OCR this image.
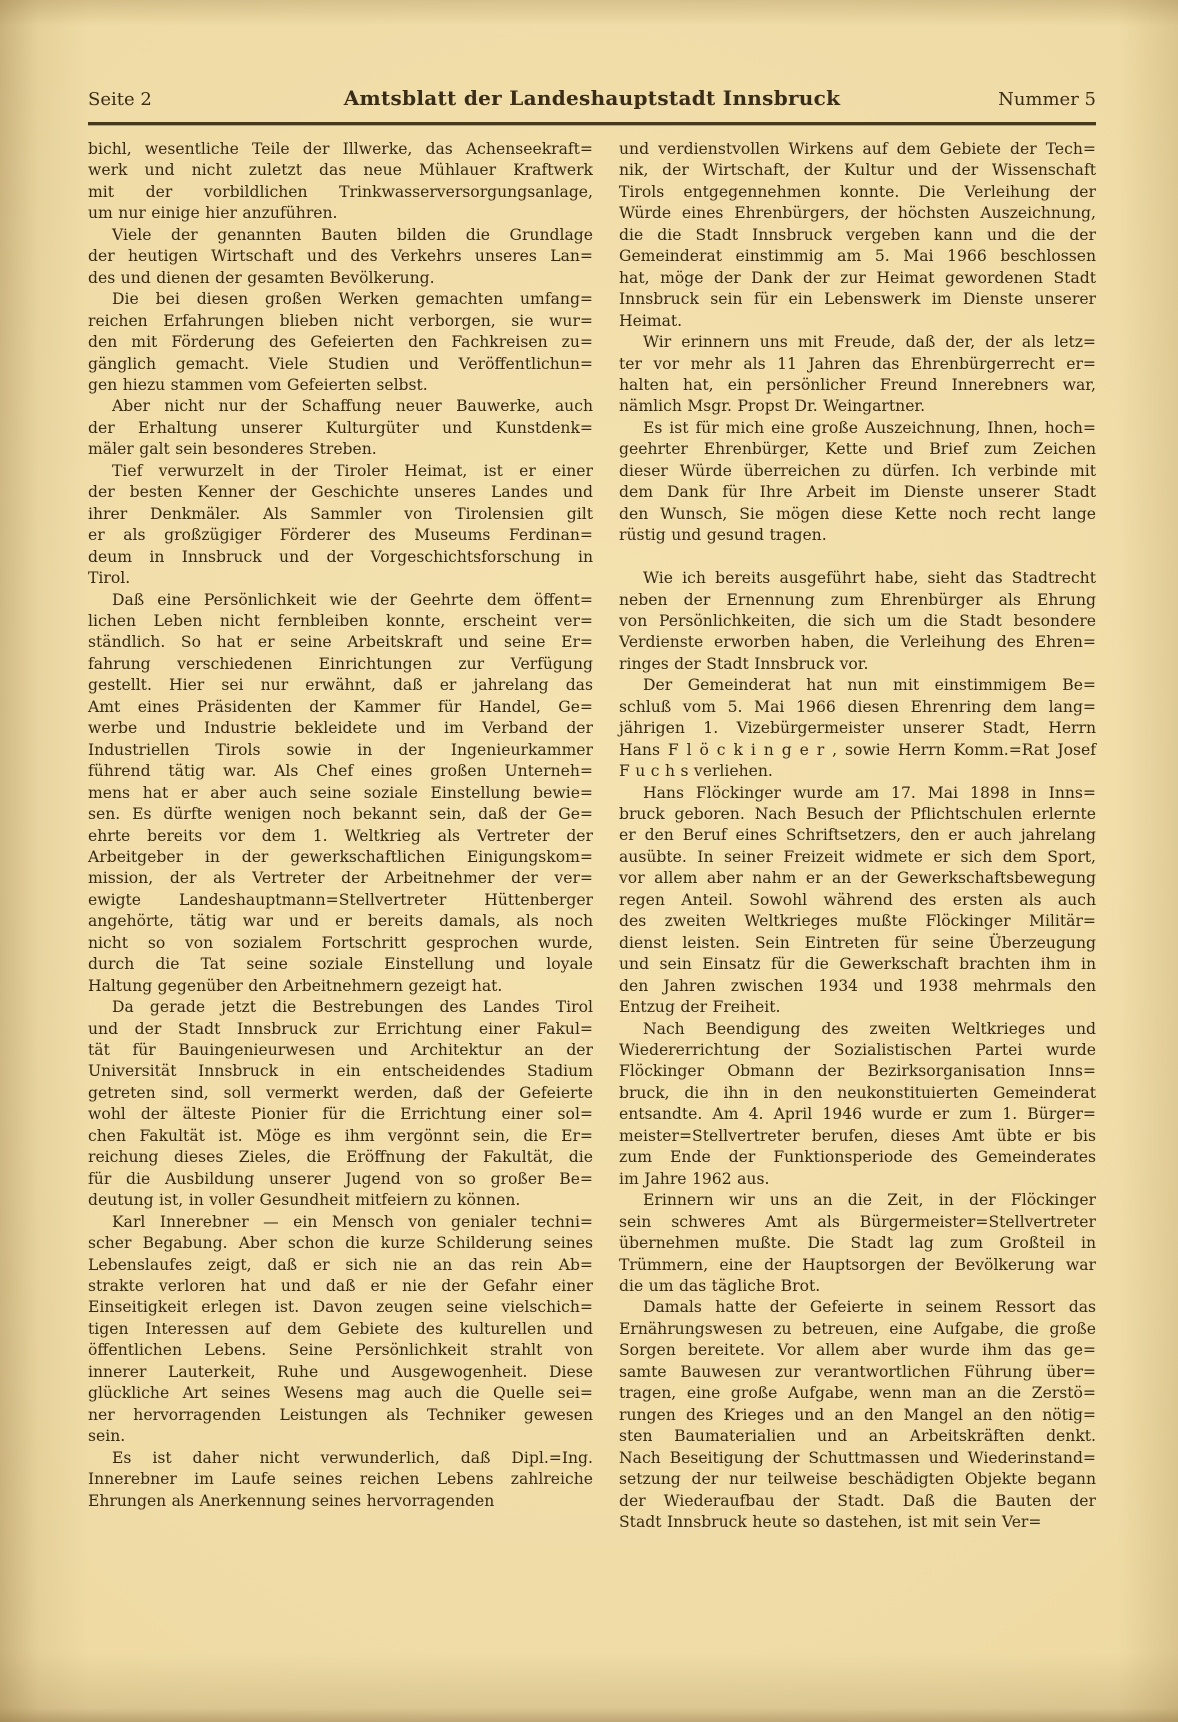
Seite 2	Amtsblatt der Landeshauptstadt Innsbruck	Nummer 5
bichl, wesentliche Teile der Illwerke, das Achenseekraft=
werk und nicht zuletzt das neue Mühlauer Kraftwerk
mit der vorbildlichen Trinkwasserversorgungsanlage,
um nur einige hier anzuführen.
Viele der genannten Bauten bilden die Grundlage
der heutigen Wirtschaft und des Verkehrs unseres Lan=
des und dienen der gesamten Bevölkerung.
Die bei diesen großen Werken gemachten umfang=
reichen Erfahrungen blieben nicht verborgen, sie wur=
den mit Förderung des Gefeierten den Fachkreisen zu=
gänglich gemacht. Viele Studien und Veröffentlichun=
gen hiezu stammen vom Gefeierten selbst.
Aber nicht nur der Schaffung neuer Bauwerke, auch
der Erhaltung unserer Kulturgüter und Kunstdenk=
mäler galt sein besonderes Streben.
Tief verwurzelt in der Tiroler Heimat, ist er einer
der besten Kenner der Geschichte unseres Landes und
ihrer Denkmäler. Als Sammler von Tirolensien gilt
er als großzügiger Förderer des Museums Ferdinan=
deum in Innsbruck und der Vorgeschichtsforschung in
Tirol.
Daß eine Persönlichkeit wie der Geehrte dem öffent=
lichen Leben nicht fernbleiben konnte, erscheint ver=
ständlich. So hat er seine Arbeitskraft und seine Er=
fahrung verschiedenen Einrichtungen zur Verfügung
gestellt. Hier sei nur erwähnt, daß er jahrelang das
Amt eines Präsidenten der Kammer für Handel, Ge=
werbe und Industrie bekleidete und im Verband der
Industriellen Tirols sowie in der Ingenieurkammer
führend tätig war. Als Chef eines großen Unterneh=
mens hat er aber auch seine soziale Einstellung bewie=
sen. Es dürfte wenigen noch bekannt sein, daß der Ge=
ehrte bereits vor dem 1. Weltkrieg als Vertreter der
Arbeitgeber in der gewerkschaftlichen Einigungskom=
mission, der als Vertreter der Arbeitnehmer der ver=
ewigte Landeshauptmann=Stellvertreter Hüttenberger
angehörte, tätig war und er bereits damals, als noch
nicht so von sozialem Fortschritt gesprochen wurde,
durch die Tat seine soziale Einstellung und loyale
Haltung gegenüber den Arbeitnehmern gezeigt hat.
Da gerade jetzt die Bestrebungen des Landes Tirol
und der Stadt Innsbruck zur Errichtung einer Fakul=
tät für Bauingenieurwesen und Architektur an der
Universität Innsbruck in ein entscheidendes Stadium
getreten sind, soll vermerkt werden, daß der Gefeierte
wohl der älteste Pionier für die Errichtung einer sol=
chen Fakultät ist. Möge es ihm vergönnt sein, die Er=
reichung dieses Zieles, die Eröffnung der Fakultät, die
für die Ausbildung unserer Jugend von so großer Be=
deutung ist, in voller Gesundheit mitfeiern zu können.
Karl Innerebner — ein Mensch von genialer techni=
scher Begabung. Aber schon die kurze Schilderung seines
Lebenslaufes zeigt, daß er sich nie an das rein Ab=
strakte verloren hat und daß er nie der Gefahr einer
Einseitigkeit erlegen ist. Davon zeugen seine vielschich=
tigen Interessen auf dem Gebiete des kulturellen und
öffentlichen Lebens. Seine Persönlichkeit strahlt von
innerer Lauterkeit, Ruhe und Ausgewogenheit. Diese
glückliche Art seines Wesens mag auch die Quelle sei=
ner hervorragenden Leistungen als Techniker gewesen
sein.
Es ist daher nicht verwunderlich, daß Dipl.=Ing.
Innerebner im Laufe seines reichen Lebens zahlreiche
Ehrungen als Anerkennung seines hervorragenden
und verdienstvollen Wirkens auf dem Gebiete der Tech=
nik, der Wirtschaft, der Kultur und der Wissenschaft
Tirols entgegennehmen konnte. Die Verleihung der
Würde eines Ehrenbürgers, der höchsten Auszeichnung,
die die Stadt Innsbruck vergeben kann und die der
Gemeinderat einstimmig am 5. Mai 1966 beschlossen
hat, möge der Dank der zur Heimat gewordenen Stadt
Innsbruck sein für ein Lebenswerk im Dienste unserer
Heimat.
Wir erinnern uns mit Freude, daß der, der als letz=
ter vor mehr als 11 Jahren das Ehrenbürgerrecht er=
halten hat, ein persönlicher Freund Innerebners war,
nämlich Msgr. Propst Dr. Weingartner.
Es ist für mich eine große Auszeichnung, Ihnen, hoch=
geehrter Ehrenbürger, Kette und Brief zum Zeichen
dieser Würde überreichen zu dürfen. Ich verbinde mit
dem Dank für Ihre Arbeit im Dienste unserer Stadt
den Wunsch, Sie mögen diese Kette noch recht lange
rüstig und gesund tragen.
Wie ich bereits ausgeführt habe, sieht das Stadtrecht
neben der Ernennung zum Ehrenbürger als Ehrung
von Persönlichkeiten, die sich um die Stadt besondere
Verdienste erworben haben, die Verleihung des Ehren=
ringes der Stadt Innsbruck vor.
Der Gemeinderat hat nun mit einstimmigem Be=
schluß vom 5. Mai 1966 diesen Ehrenring dem lang=
jährigen 1. Vizebürgermeister unserer Stadt, Herrn
Hans F l ö c k i n g e r , sowie Herrn Komm.=Rat Josef
F u c h s verliehen.
Hans Flöckinger wurde am 17. Mai 1898 in Inns=
bruck geboren. Nach Besuch der Pflichtschulen erlernte
er den Beruf eines Schriftsetzers, den er auch jahrelang
ausübte. In seiner Freizeit widmete er sich dem Sport,
vor allem aber nahm er an der Gewerkschaftsbewegung
regen Anteil. Sowohl während des ersten als auch
des zweiten Weltkrieges mußte Flöckinger Militär=
dienst leisten. Sein Eintreten für seine Überzeugung
und sein Einsatz für die Gewerkschaft brachten ihm in
den Jahren zwischen 1934 und 1938 mehrmals den
Entzug der Freiheit.
Nach Beendigung des zweiten Weltkrieges und
Wiedererrichtung der Sozialistischen Partei wurde
Flöckinger Obmann der Bezirksorganisation Inns=
bruck, die ihn in den neukonstituierten Gemeinderat
entsandte. Am 4. April 1946 wurde er zum 1. Bürger=
meister=Stellvertreter berufen, dieses Amt übte er bis
zum Ende der Funktionsperiode des Gemeinderates
im Jahre 1962 aus.
Erinnern wir uns an die Zeit, in der Flöckinger
sein schweres Amt als Bürgermeister=Stellvertreter
übernehmen mußte. Die Stadt lag zum Großteil in
Trümmern, eine der Hauptsorgen der Bevölkerung war
die um das tägliche Brot.
Damals hatte der Gefeierte in seinem Ressort das
Ernährungswesen zu betreuen, eine Aufgabe, die große
Sorgen bereitete. Vor allem aber wurde ihm das ge=
samte Bauwesen zur verantwortlichen Führung über=
tragen, eine große Aufgabe, wenn man an die Zerstö=
rungen des Krieges und an den Mangel an den nötig=
sten Baumaterialien und an Arbeitskräften denkt.
Nach Beseitigung der Schuttmassen und Wiederinstand=
setzung der nur teilweise beschädigten Objekte begann
der Wiederaufbau der Stadt. Daß die Bauten der
Stadt Innsbruck heute so dastehen, ist mit sein Ver=
